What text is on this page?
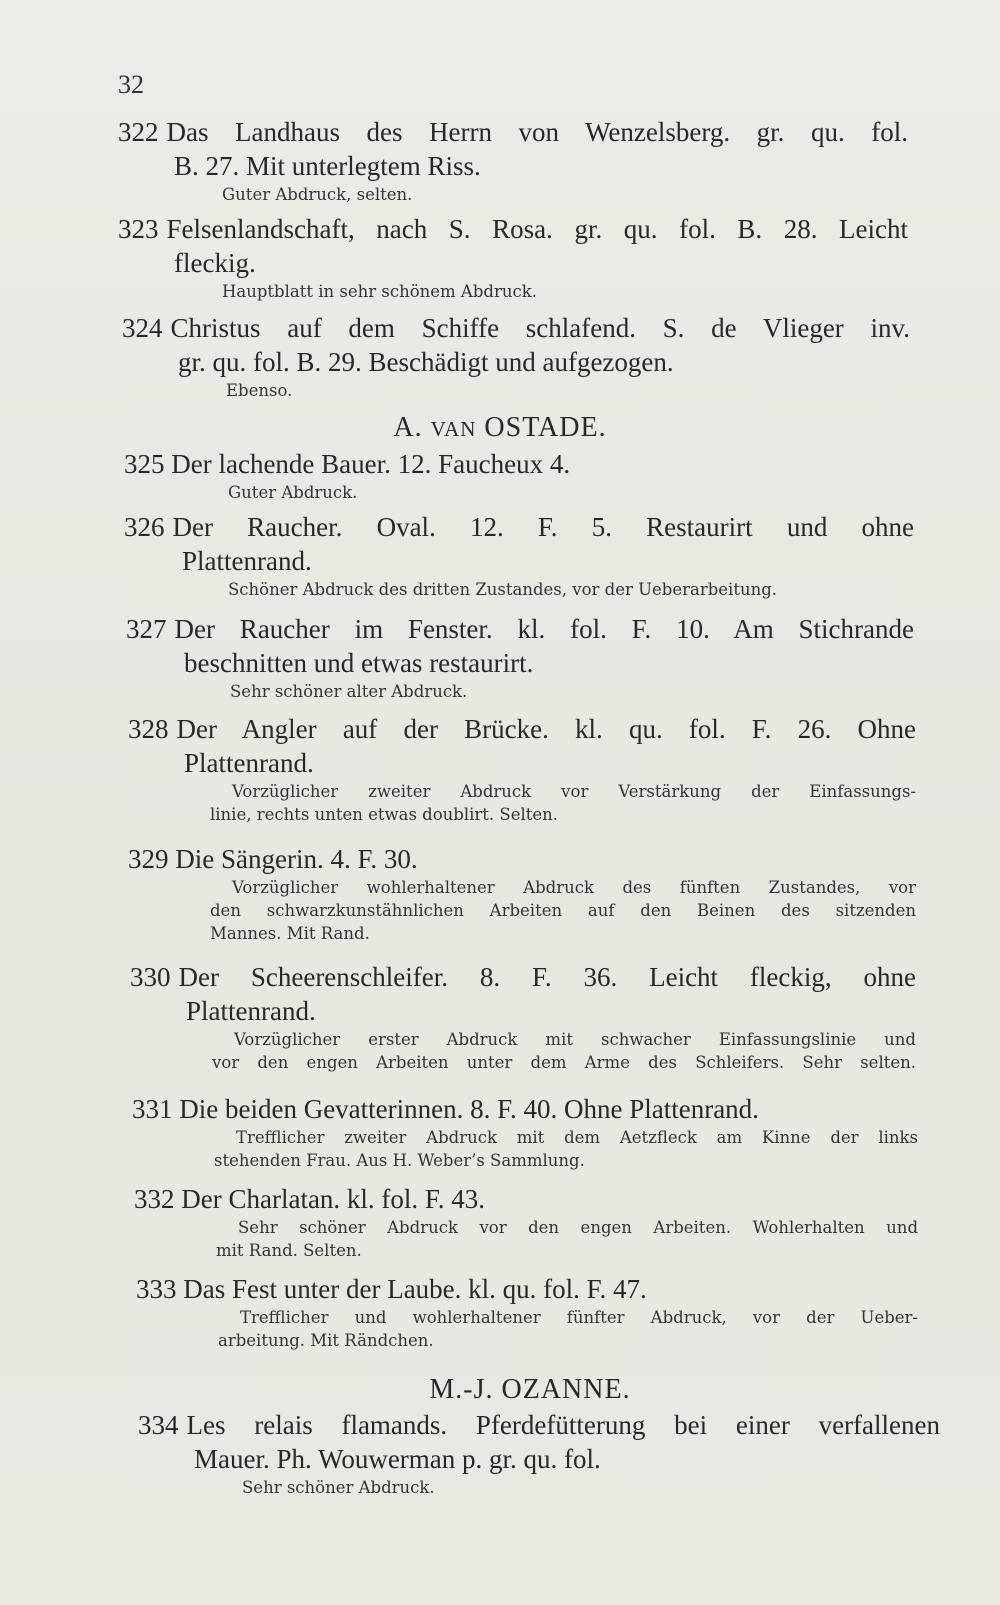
32
322 Das Landhaus des Herrn von Wenzelsberg. gr. qu. fol.
B. 27. Mit unterlegtem Riss.
Guter Abdruck, selten.
323 Felsenlandschaft, nach S. Rosa. gr. qu. fol. B. 28. Leicht
fleckig.
Hauptblatt in sehr schönem Abdruck.
324 Christus auf dem Schiffe schlafend. S. de Vlieger inv.
gr. qu. fol. B. 29. Beschädigt und aufgezogen.
Ebenso.
A. VAN OSTADE.
325 Der lachende Bauer. 12. Faucheux 4.
Guter Abdruck.
326 Der Raucher. Oval. 12. F. 5. Restaurirt und ohne
Plattenrand.
Schöner Abdruck des dritten Zustandes, vor der Ueberarbeitung.
327 Der Raucher im Fenster. kl. fol. F. 10. Am Stichrande
beschnitten und etwas restaurirt.
Sehr schöner alter Abdruck.
328 Der Angler auf der Brücke. kl. qu. fol. F. 26. Ohne
Plattenrand.
Vorzüglicher zweiter Abdruck vor Verstärkung der Einfassungs-
linie, rechts unten etwas doublirt. Selten.
329 Die Sängerin. 4. F. 30.
Vorzüglicher wohlerhaltener Abdruck des fünften Zustandes, vor
den schwarzkunstähnlichen Arbeiten auf den Beinen des sitzenden
Mannes. Mit Rand.
330 Der Scheerenschleifer. 8. F. 36. Leicht fleckig, ohne
Plattenrand.
Vorzüglicher erster Abdruck mit schwacher Einfassungslinie und
vor den engen Arbeiten unter dem Arme des Schleifers. Sehr selten.
331 Die beiden Gevatterinnen. 8. F. 40. Ohne Plattenrand.
Trefflicher zweiter Abdruck mit dem Aetzfleck am Kinne der links
stehenden Frau. Aus H. Weber’s Sammlung.
332 Der Charlatan. kl. fol. F. 43.
Sehr schöner Abdruck vor den engen Arbeiten. Wohlerhalten und
mit Rand. Selten.
333 Das Fest unter der Laube. kl. qu. fol. F. 47.
Trefflicher und wohlerhaltener fünfter Abdruck, vor der Ueber-
arbeitung. Mit Rändchen.
M.-J. OZANNE.
334 Les relais flamands. Pferdefütterung bei einer verfallenen
Mauer. Ph. Wouwerman p. gr. qu. fol.
Sehr schöner Abdruck.
